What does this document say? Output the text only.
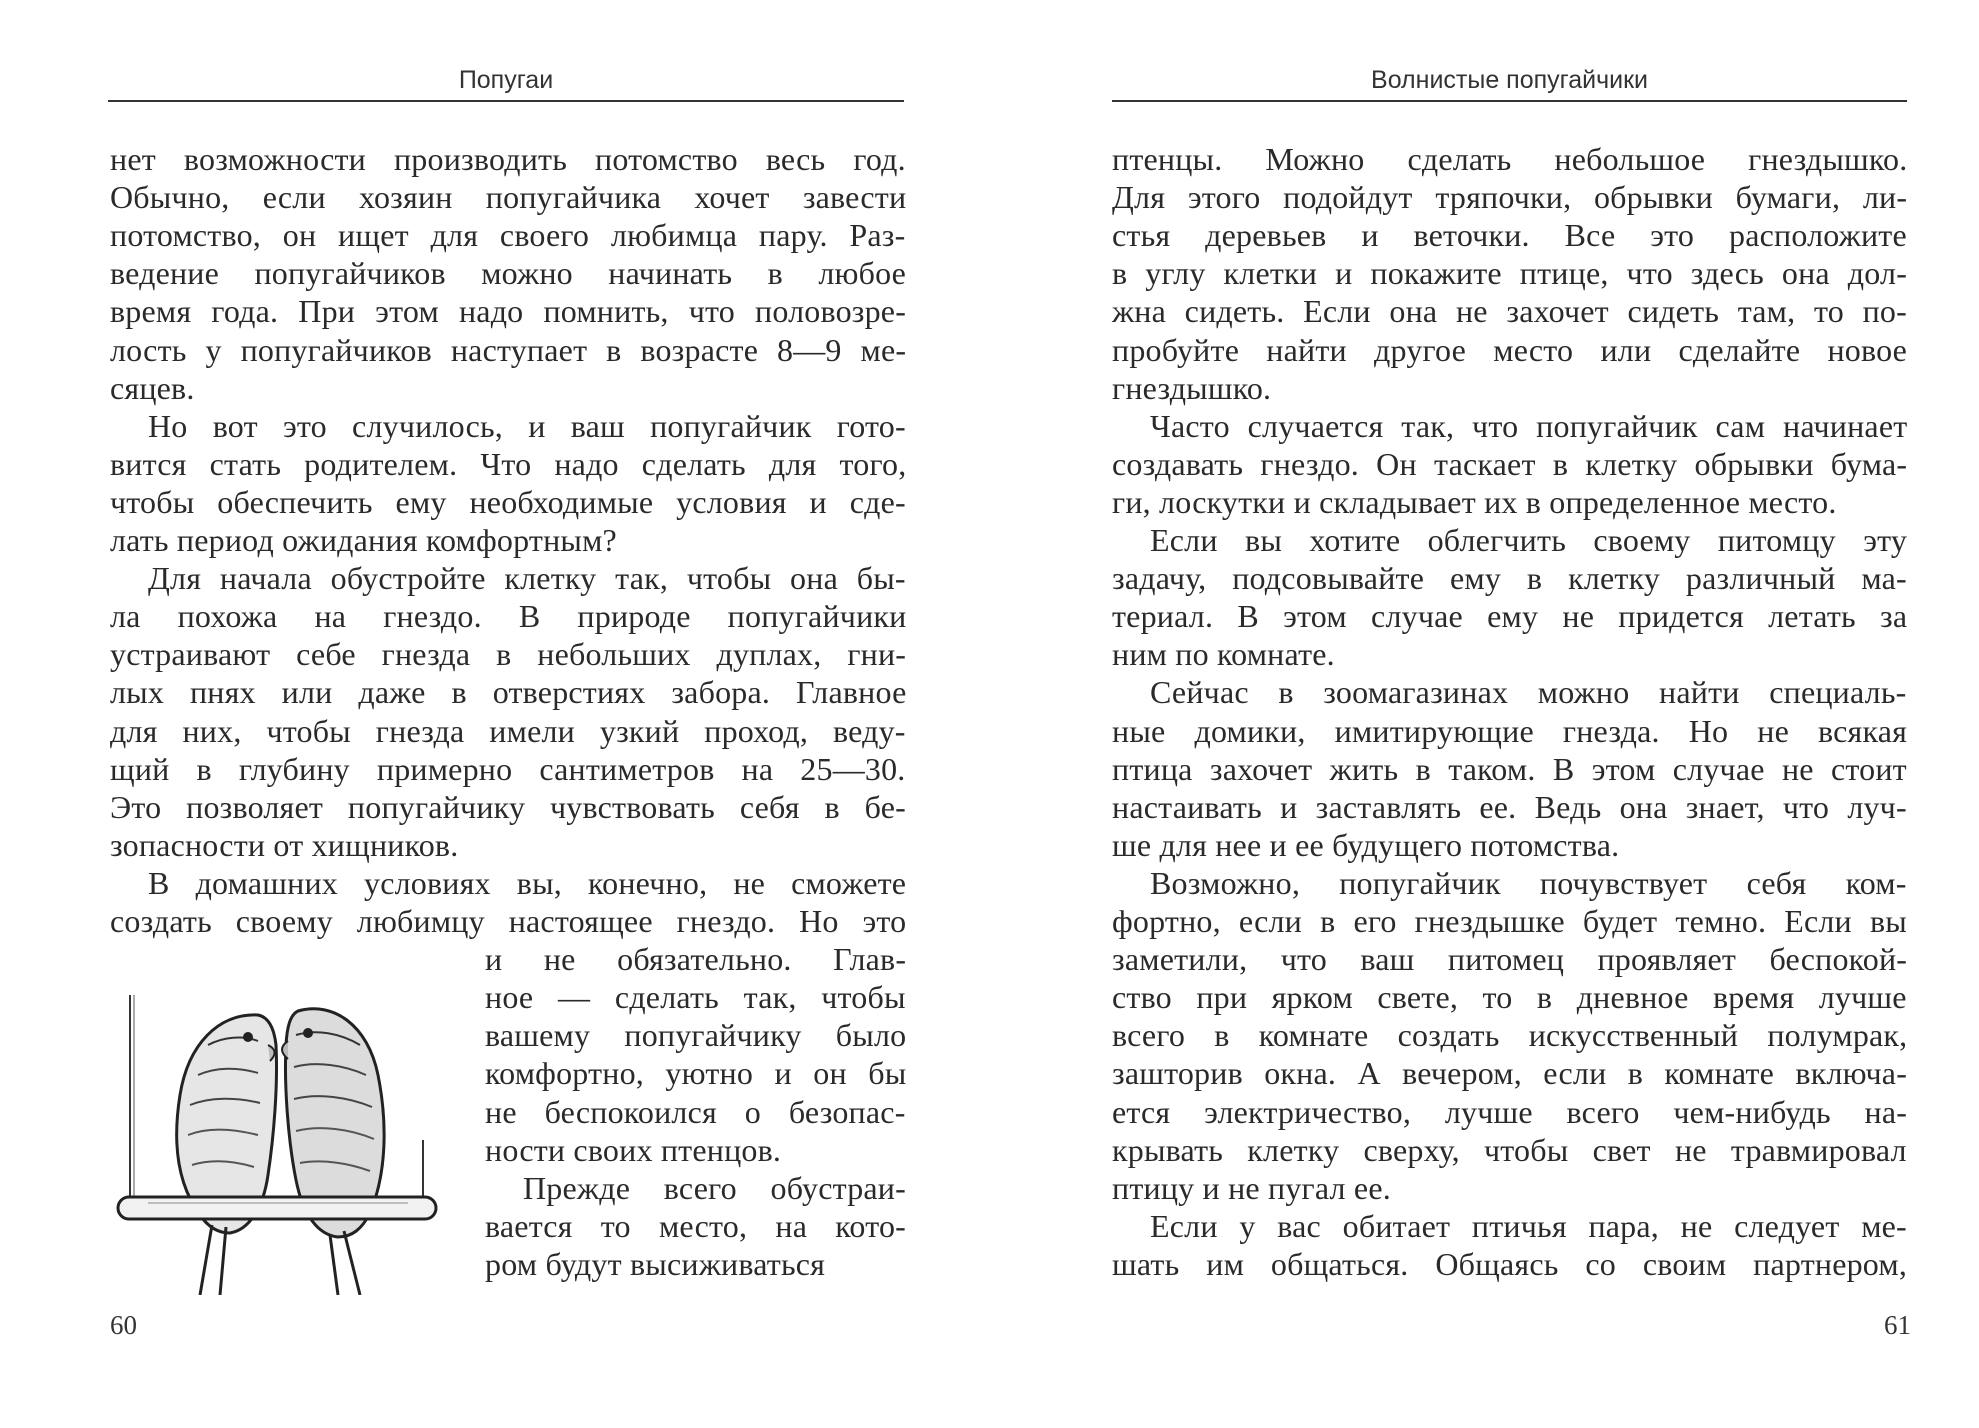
Попугаи
нет возможности производить потомство весь год.
Обычно, если хозяин попугайчика хочет завести
потомство, он ищет для своего любимца пару. Раз-
ведение попугайчиков можно начинать в любое
время года. При этом надо помнить, что половозре-
лость у попугайчиков наступает в возрасте 8—9 ме-
сяцев.
Но вот это случилось, и ваш попугайчик гото-
вится стать родителем. Что надо сделать для того,
чтобы обеспечить ему необходимые условия и сде-
лать период ожидания комфортным?
Для начала обустройте клетку так, чтобы она бы-
ла похожа на гнездо. В природе попугайчики
устраивают себе гнезда в небольших дуплах, гни-
лых пнях или даже в отверстиях забора. Главное
для них, чтобы гнезда имели узкий проход, веду-
щий в глубину примерно сантиметров на 25—30.
Это позволяет попугайчику чувствовать себя в бе-
зопасности от хищников.
В домашних условиях вы, конечно, не сможете
создать своему любимцу настоящее гнездо. Но это
и не обязательно. Глав-
ное — сделать так, чтобы
вашему попугайчику было
комфортно, уютно и он бы
не беспокоился о безопас-
ности своих птенцов.
Прежде всего обустраи-
вается то место, на кото-
ром будут высиживаться
60
Волнистые попугайчики
птенцы. Можно сделать небольшое гнездышко.
Для этого подойдут тряпочки, обрывки бумаги, ли-
стья деревьев и веточки. Все это расположите
в углу клетки и покажите птице, что здесь она дол-
жна сидеть. Если она не захочет сидеть там, то по-
пробуйте найти другое место или сделайте новое
гнездышко.
Часто случается так, что попугайчик сам начинает
создавать гнездо. Он таскает в клетку обрывки бума-
ги, лоскутки и складывает их в определенное место.
Если вы хотите облегчить своему питомцу эту
задачу, подсовывайте ему в клетку различный ма-
териал. В этом случае ему не придется летать за
ним по комнате.
Сейчас в зоомагазинах можно найти специаль-
ные домики, имитирующие гнезда. Но не всякая
птица захочет жить в таком. В этом случае не стоит
настаивать и заставлять ее. Ведь она знает, что луч-
ше для нее и ее будущего потомства.
Возможно, попугайчик почувствует себя ком-
фортно, если в его гнездышке будет темно. Если вы
заметили, что ваш питомец проявляет беспокой-
ство при ярком свете, то в дневное время лучше
всего в комнате создать искусственный полумрак,
зашторив окна. А вечером, если в комнате включа-
ется электричество, лучше всего чем-нибудь на-
крывать клетку сверху, чтобы свет не травмировал
птицу и не пугал ее.
Если у вас обитает птичья пара, не следует ме-
шать им общаться. Общаясь со своим партнером,
61
